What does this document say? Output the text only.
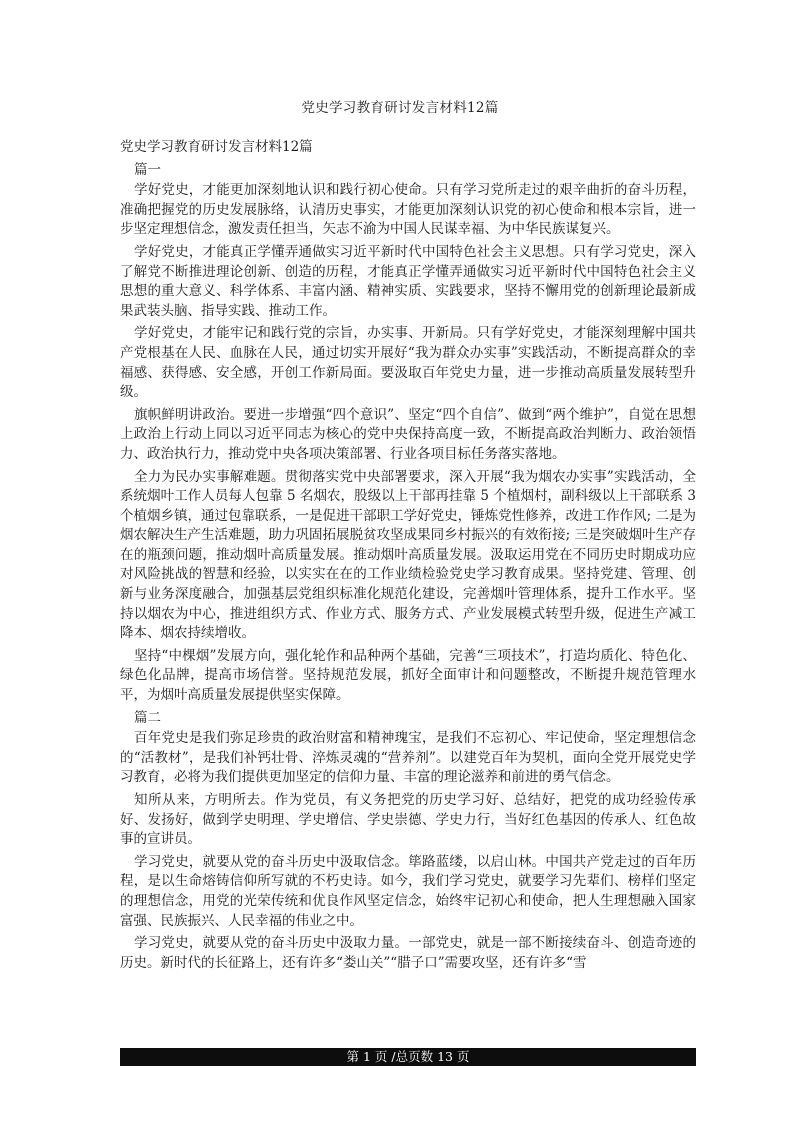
党史学习教育研讨发言材料12篇

党史学习教育研讨发言材料12篇

篇一

学好党史，才能更加深刻地认识和践行初心使命。只有学习党所走过的艰辛曲折的奋斗历程，准确把握党的历史发展脉络，认清历史事实，才能更加深刻认识党的初心使命和根本宗旨，进一步坚定理想信念，激发责任担当，矢志不渝为中国人民谋幸福、为中华民族谋复兴。

学好党史，才能真正学懂弄通做实习近平新时代中国特色社会主义思想。只有学习党史，深入了解党不断推进理论创新、创造的历程，才能真正学懂弄通做实习近平新时代中国特色社会主义思想的重大意义、科学体系、丰富内涵、精神实质、实践要求，坚持不懈用党的创新理论最新成果武装头脑、指导实践、推动工作。

学好党史，才能牢记和践行党的宗旨，办实事、开新局。只有学好党史，才能深刻理解中国共产党根基在人民、血脉在人民，通过切实开展好“我为群众办实事”实践活动，不断提高群众的幸福感、获得感、安全感，开创工作新局面。要汲取百年党史力量，进一步推动高质量发展转型升级。

旗帜鲜明讲政治。要进一步增强“四个意识”、坚定“四个自信”、做到“两个维护”，自觉在思想上政治上行动上同以习近平同志为核心的党中央保持高度一致，不断提高政治判断力、政治领悟力、政治执行力，推动党中央各项决策部署、行业各项目标任务落实落地。

全力为民办实事解难题。贯彻落实党中央部署要求，深入开展“我为烟农办实事”实践活动，全系统烟叶工作人员每人包靠 5 名烟农，股级以上干部再挂靠 5 个植烟村，副科级以上干部联系 3 个植烟乡镇，通过包靠联系，一是促进干部职工学好党史，锤炼党性修养，改进工作作风; 二是为烟农解决生产生活难题，助力巩固拓展脱贫攻坚成果同乡村振兴的有效衔接; 三是突破烟叶生产存在的瓶颈问题，推动烟叶高质量发展。推动烟叶高质量发展。汲取运用党在不同历史时期成功应对风险挑战的智慧和经验，以实实在在的工作业绩检验党史学习教育成果。坚持党建、管理、创新与业务深度融合，加强基层党组织标准化规范化建设，完善烟叶管理体系，提升工作水平。坚持以烟农为中心，推进组织方式、作业方式、服务方式、产业发展模式转型升级，促进生产减工降本、烟农持续增收。

坚持“中棵烟”发展方向，强化轮作和品种两个基础，完善“三项技术”，打造均质化、特色化、绿色化品牌，提高市场信誉。坚持规范发展，抓好全面审计和问题整改，不断提升规范管理水平，为烟叶高质量发展提供坚实保障。

篇二

百年党史是我们弥足珍贵的政治财富和精神瑰宝，是我们不忘初心、牢记使命，坚定理想信念的“活教材”，是我们补钙壮骨、淬炼灵魂的“营养剂”。以建党百年为契机，面向全党开展党史学习教育，必将为我们提供更加坚定的信仰力量、丰富的理论滋养和前进的勇气信念。

知所从来，方明所去。作为党员，有义务把党的历史学习好、总结好，把党的成功经验传承好、发扬好，做到学史明理、学史增信、学史崇德、学史力行，当好红色基因的传承人、红色故事的宣讲员。

学习党史，就要从党的奋斗历史中汲取信念。筚路蓝缕，以启山林。中国共产党走过的百年历程，是以生命熔铸信仰所写就的不朽史诗。如今，我们学习党史，就要学习先辈们、榜样们坚定的理想信念，用党的光荣传统和优良作风坚定信念，始终牢记初心和使命，把人生理想融入国家富强、民族振兴、人民幸福的伟业之中。

学习党史，就要从党的奋斗历史中汲取力量。一部党史，就是一部不断接续奋斗、创造奇迹的历史。新时代的长征路上，还有许多“娄山关”“腊子口”需要攻坚，还有许多“雪

第 1 页 /总页数 13 页
